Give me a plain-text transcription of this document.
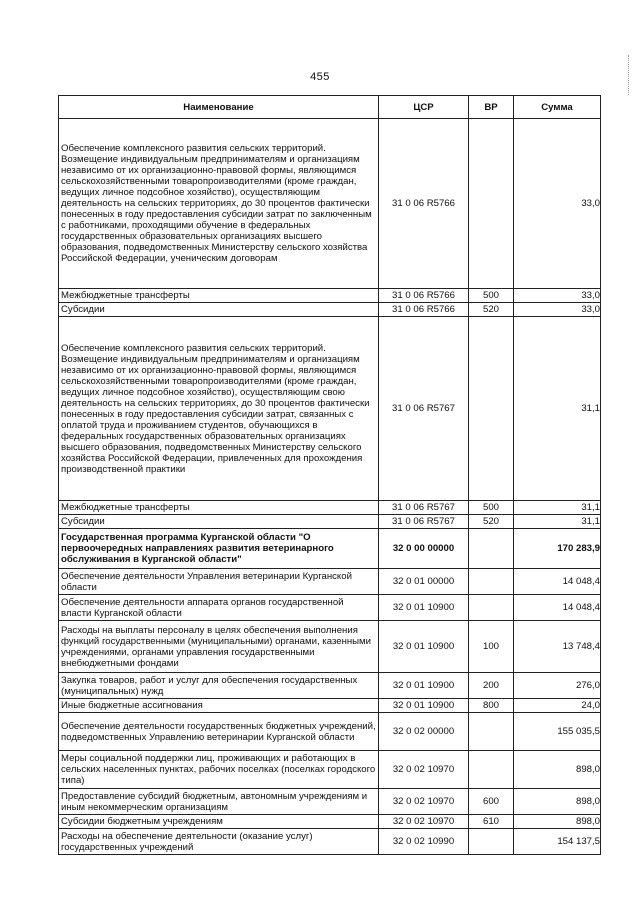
455
Наименование	ЦСР	ВР	Сумма
Обеспечение комплексного развития сельских территорий. Возмещение индивидуальным предпринимателям и организациям независимо от их организационно-правовой формы, являющимся сельскохозяйственными товаропроизводителями (кроме граждан, ведущих личное подсобное хозяйство), осуществляющим деятельность на сельских территориях, до 30 процентов фактически понесенных в году предоставления субсидии затрат по заключенным с работниками, проходящими обучение в федеральных государственных образовательных организациях высшего образования, подведомственных Министерству сельского хозяйства Российской Федерации, ученическим договорам	31 0 06 R5766		33,0
Межбюджетные трансферты	31 0 06 R5766	500	33,0
Субсидии	31 0 06 R5766	520	33,0
Обеспечение комплексного развития сельских территорий. Возмещение индивидуальным предпринимателям и организациям независимо от их организационно-правовой формы, являющимся сельскохозяйственными товаропроизводителями (кроме граждан, ведущих личное подсобное хозяйство), осуществляющим свою деятельность на сельских территориях, до 30 процентов фактически понесенных в году предоставления субсидии затрат, связанных с оплатой труда и проживанием студентов, обучающихся в федеральных государственных образовательных организациях высшего образования, подведомственных Министерству сельского хозяйства Российской Федерации, привлеченных для прохождения производственной практики	31 0 06 R5767		31,1
Межбюджетные трансферты	31 0 06 R5767	500	31,1
Субсидии	31 0 06 R5767	520	31,1
Государственная программа Курганской области "О первоочередных направлениях развития ветеринарного обслуживания в Курганской области"	32 0 00 00000		170 283,9
Обеспечение деятельности Управления ветеринарии Курганской области	32 0 01 00000		14 048,4
Обеспечение деятельности аппарата органов государственной власти Курганской области	32 0 01 10900		14 048,4
Расходы на выплаты персоналу в целях обеспечения выполнения функций государственными (муниципальными) органами, казенными учреждениями, органами управления государственными внебюджетными фондами	32 0 01 10900	100	13 748,4
Закупка товаров, работ и услуг для обеспечения государственных (муниципальных) нужд	32 0 01 10900	200	276,0
Иные бюджетные ассигнования	32 0 01 10900	800	24,0
Обеспечение деятельности государственных бюджетных учреждений, подведомственных Управлению ветеринарии Курганской области	32 0 02 00000		155 035,5
Меры социальной поддержки лиц, проживающих и работающих в сельских населенных пунктах, рабочих поселках (поселках городского типа)	32 0 02 10970		898,0
Предоставление субсидий бюджетным, автономным учреждениям и иным некоммерческим организациям	32 0 02 10970	600	898,0
Субсидии бюджетным учреждениям	32 0 02 10970	610	898,0
Расходы на обеспечение деятельности (оказание услуг) государственных учреждений	32 0 02 10990		154 137,5
